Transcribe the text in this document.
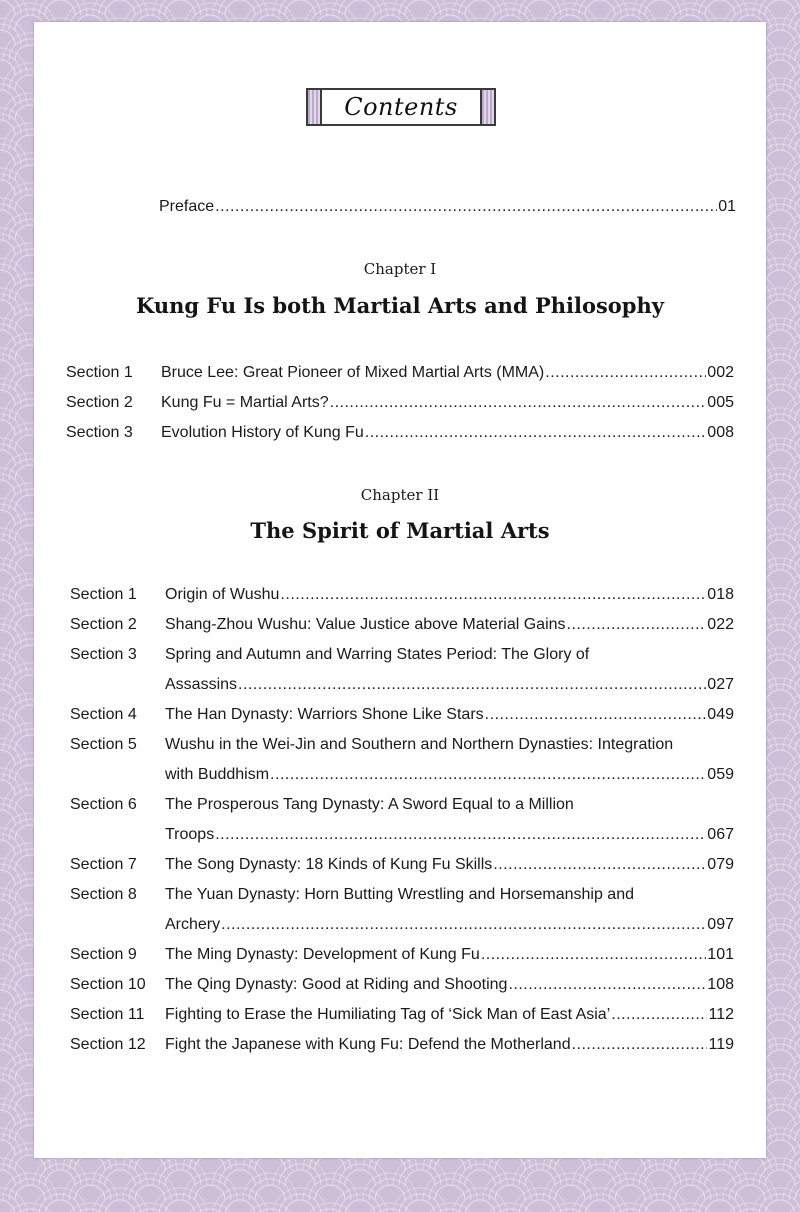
Contents
Preface .....	01
Chapter I
Kung Fu Is both Martial Arts and Philosophy
Section 1	Bruce Lee: Great Pioneer of Mixed Martial Arts (MMA) .....	002
Section 2	Kung Fu = Martial Arts? .....	005
Section 3	Evolution History of Kung Fu .....	008
Chapter II
The Spirit of Martial Arts
Section 1	Origin of Wushu .....	018
Section 2	Shang-Zhou Wushu: Value Justice above Material Gains .....	022
Section 3	Spring and Autumn and Warring States Period: The Glory of
Assassins .....	027
Section 4	The Han Dynasty: Warriors Shone Like Stars .....	049
Section 5	Wushu in the Wei-Jin and Southern and Northern Dynasties: Integration
with Buddhism .....	059
Section 6	The Prosperous Tang Dynasty: A Sword Equal to a Million
Troops .....	067
Section 7	The Song Dynasty: 18 Kinds of Kung Fu Skills .....	079
Section 8	The Yuan Dynasty: Horn Butting Wrestling and Horsemanship and
Archery .....	097
Section 9	The Ming Dynasty: Development of Kung Fu .....	101
Section 10	The Qing Dynasty: Good at Riding and Shooting .....	108
Section 11	Fighting to Erase the Humiliating Tag of ‘Sick Man of East Asia’ .....	112
Section 12	Fight the Japanese with Kung Fu: Defend the Motherland .....	119
